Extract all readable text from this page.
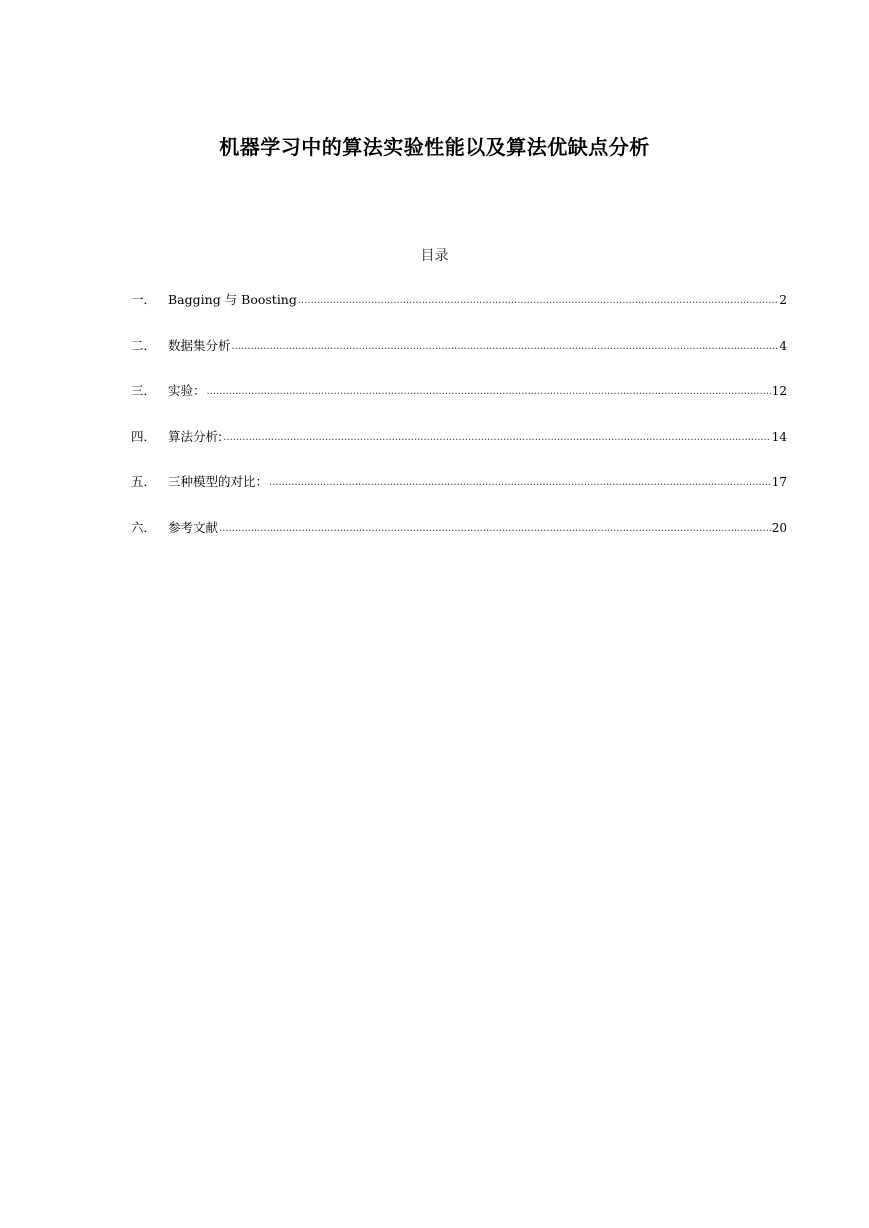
机器学习中的算法实验性能以及算法优缺点分析
目录
一． Bagging 与 Boosting .....	2
二． 数据集分析 .....	4
三． 实验： .....	12
四． 算法分析: .....	14
五． 三种模型的对比： .....	17
六． 参考文献 .....	20
